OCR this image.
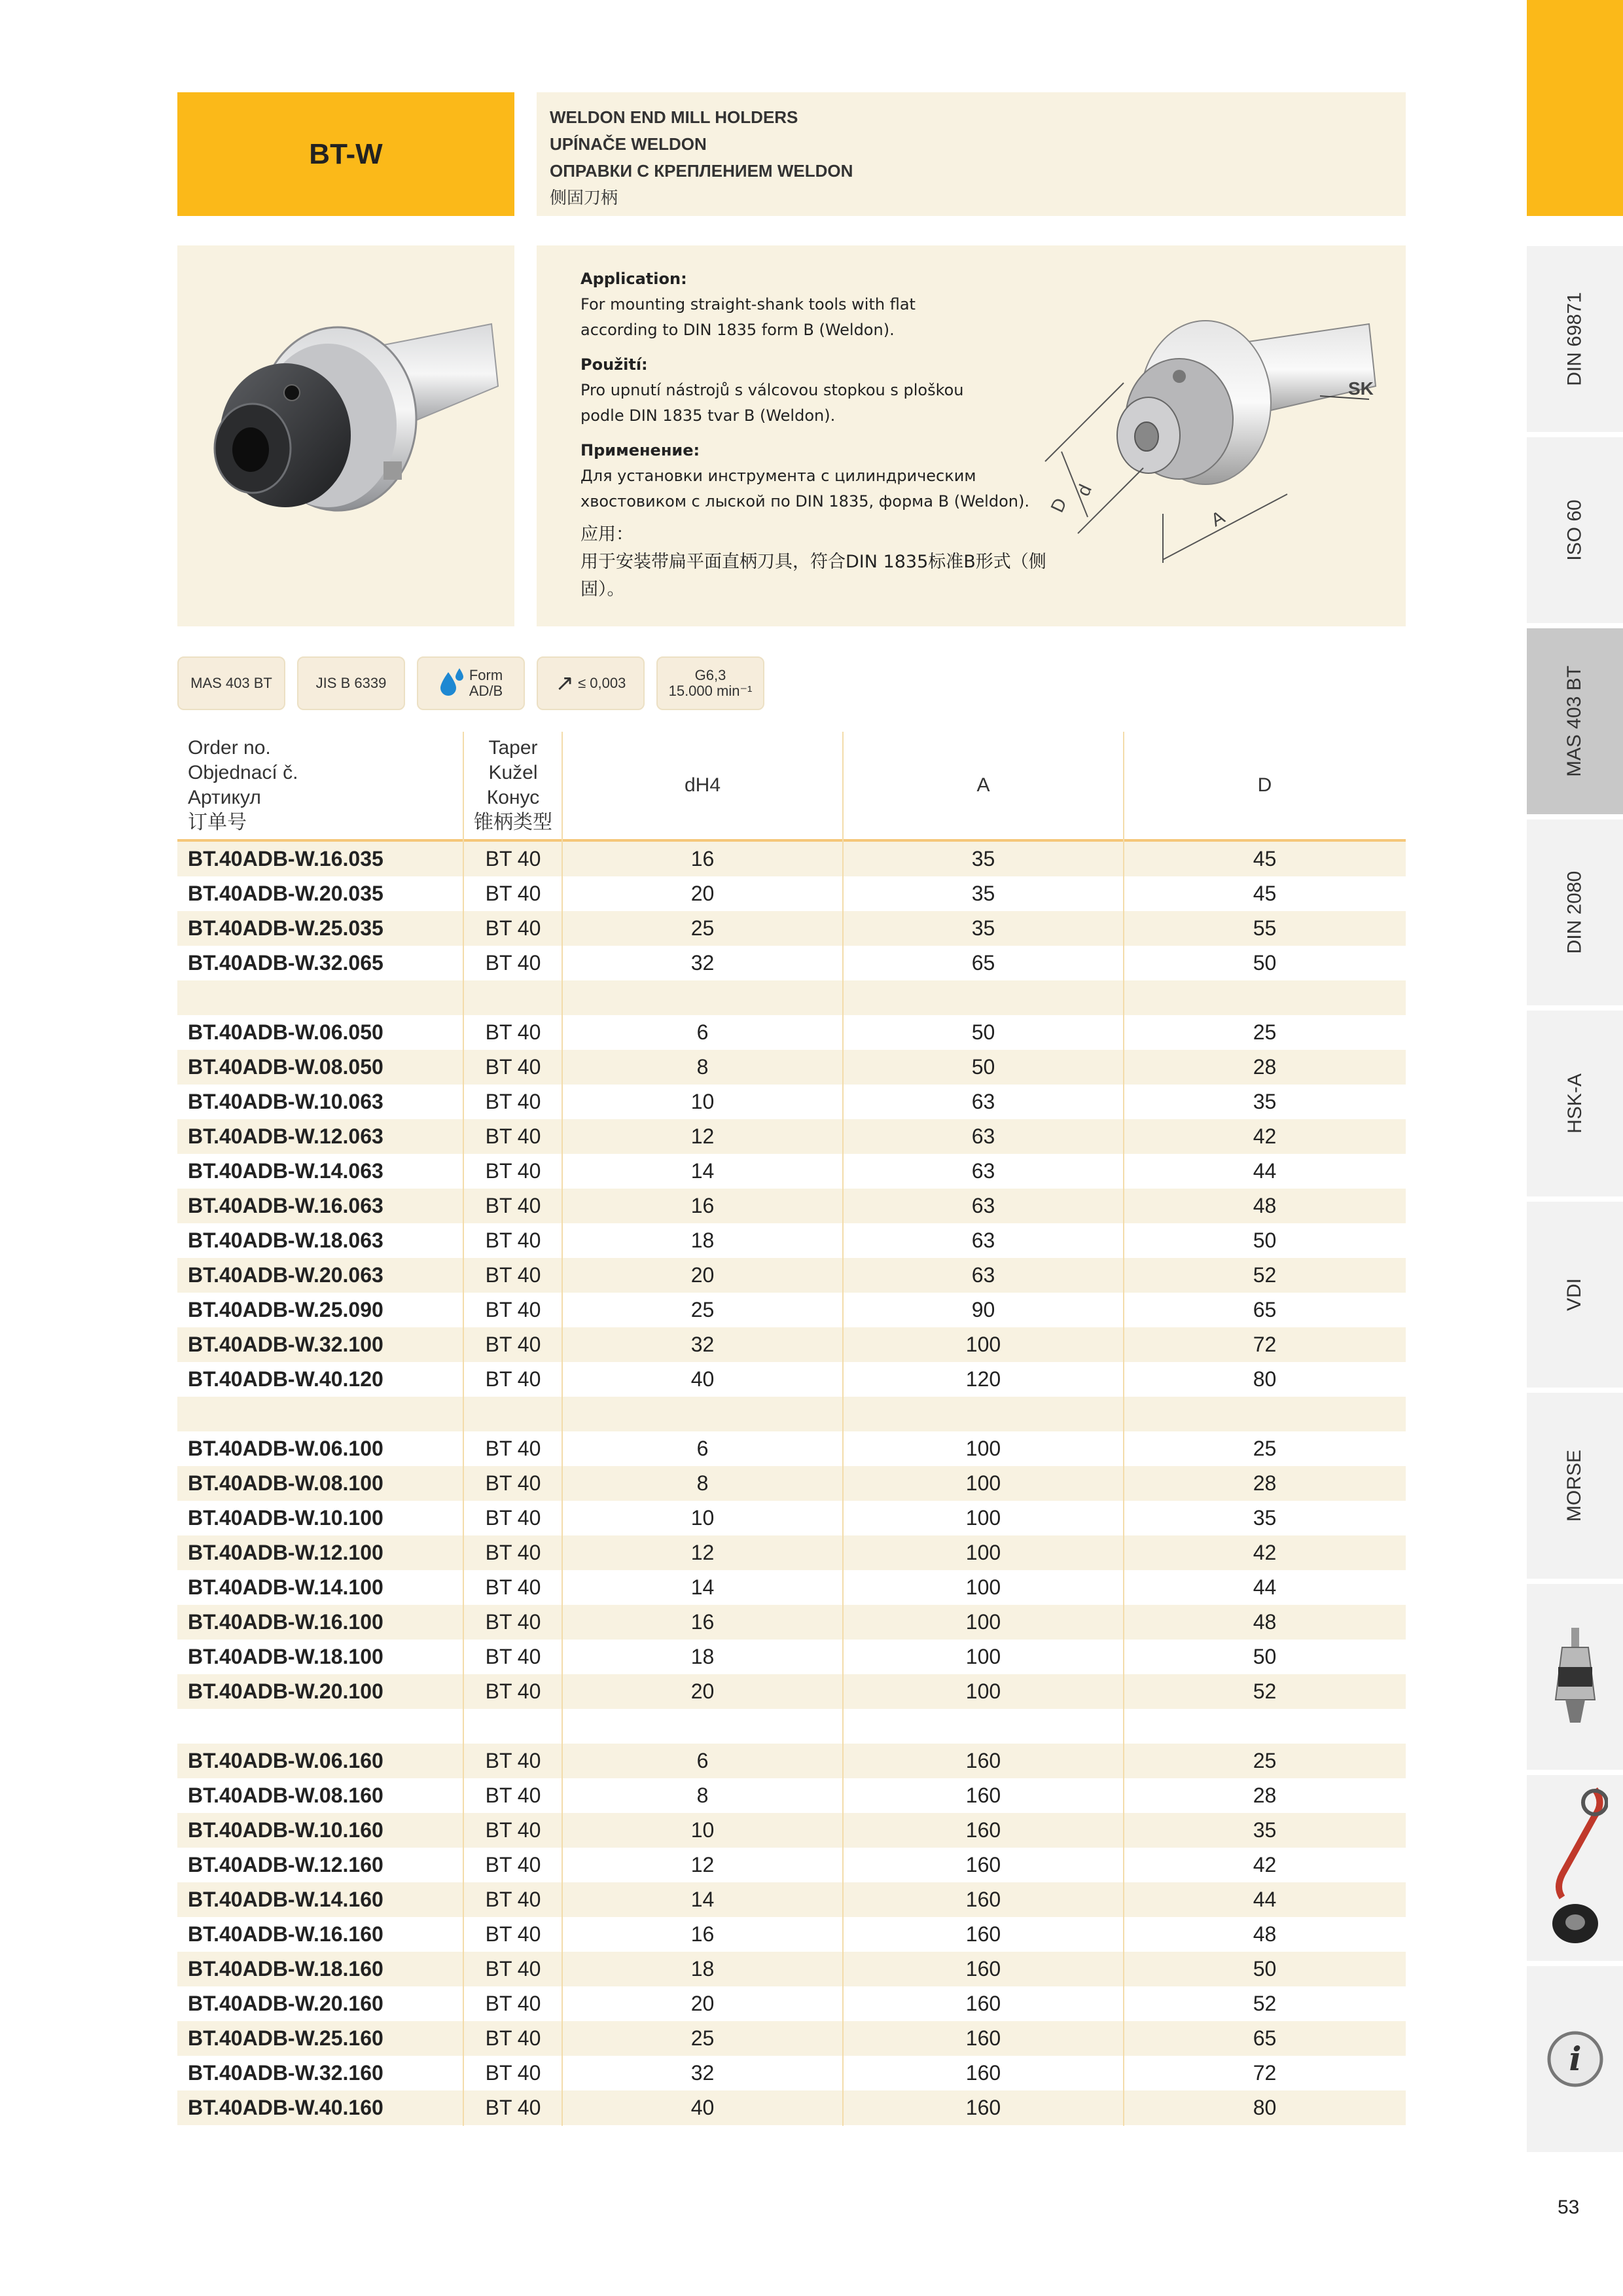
BT-W
WELDON END MILL HOLDERS
UPÍNAČE WELDON
ОПРАВКИ С КРЕПЛЕНИЕМ WELDON
侧固刀柄
Application:
For mounting straight-shank tools with flat
according to DIN 1835 form B (Weldon).
Použití:
Pro upnutí nástrojů s válcovou stopkou s ploškou
podle DIN 1835 tvar B (Weldon).
Применение:
Для установки инструмента с цилиндрическим
хвостовиком с лыской по DIN 1835, форма B (Weldon).
应用：
用于安装带扁平面直柄刀具，符合DIN 1835标准B形式（侧
固）。
SK
D
d
A
MAS 403 BT	JIS B 6339	Form
AD/B ↗ ≤ 0,003	G6,3
15.000 min⁻¹
Order no.
Objednací č.
Артикул
订单号
Taper
Kužel
Конус
锥柄类型
dH4	A	D
BT.40ADB-W.16.035	BT 40	16	35	45
BT.40ADB-W.20.035	BT 40	20	35	45
BT.40ADB-W.25.035	BT 40	25	35	55
BT.40ADB-W.32.065	BT 40	32	65	50
BT.40ADB-W.06.050	BT 40	6	50	25
BT.40ADB-W.08.050	BT 40	8	50	28
BT.40ADB-W.10.063	BT 40	10	63	35
BT.40ADB-W.12.063	BT 40	12	63	42
BT.40ADB-W.14.063	BT 40	14	63	44
BT.40ADB-W.16.063	BT 40	16	63	48
BT.40ADB-W.18.063	BT 40	18	63	50
BT.40ADB-W.20.063	BT 40	20	63	52
BT.40ADB-W.25.090	BT 40	25	90	65
BT.40ADB-W.32.100	BT 40	32	100	72
BT.40ADB-W.40.120	BT 40	40	120	80
BT.40ADB-W.06.100	BT 40	6	100	25
BT.40ADB-W.08.100	BT 40	8	100	28
BT.40ADB-W.10.100	BT 40	10	100	35
BT.40ADB-W.12.100	BT 40	12	100	42
BT.40ADB-W.14.100	BT 40	14	100	44
BT.40ADB-W.16.100	BT 40	16	100	48
BT.40ADB-W.18.100	BT 40	18	100	50
BT.40ADB-W.20.100	BT 40	20	100	52
BT.40ADB-W.06.160	BT 40	6	160	25
BT.40ADB-W.08.160	BT 40	8	160	28
BT.40ADB-W.10.160	BT 40	10	160	35
BT.40ADB-W.12.160	BT 40	12	160	42
BT.40ADB-W.14.160	BT 40	14	160	44
BT.40ADB-W.16.160	BT 40	16	160	48
BT.40ADB-W.18.160	BT 40	18	160	50
BT.40ADB-W.20.160	BT 40	20	160	52
BT.40ADB-W.25.160	BT 40	25	160	65
BT.40ADB-W.32.160	BT 40	32	160	72
BT.40ADB-W.40.160	BT 40	40	160	80
DIN 69871
ISO 60
MAS 403 BT
DIN 2080
HSK-A
VDI
MORSE
i
53
